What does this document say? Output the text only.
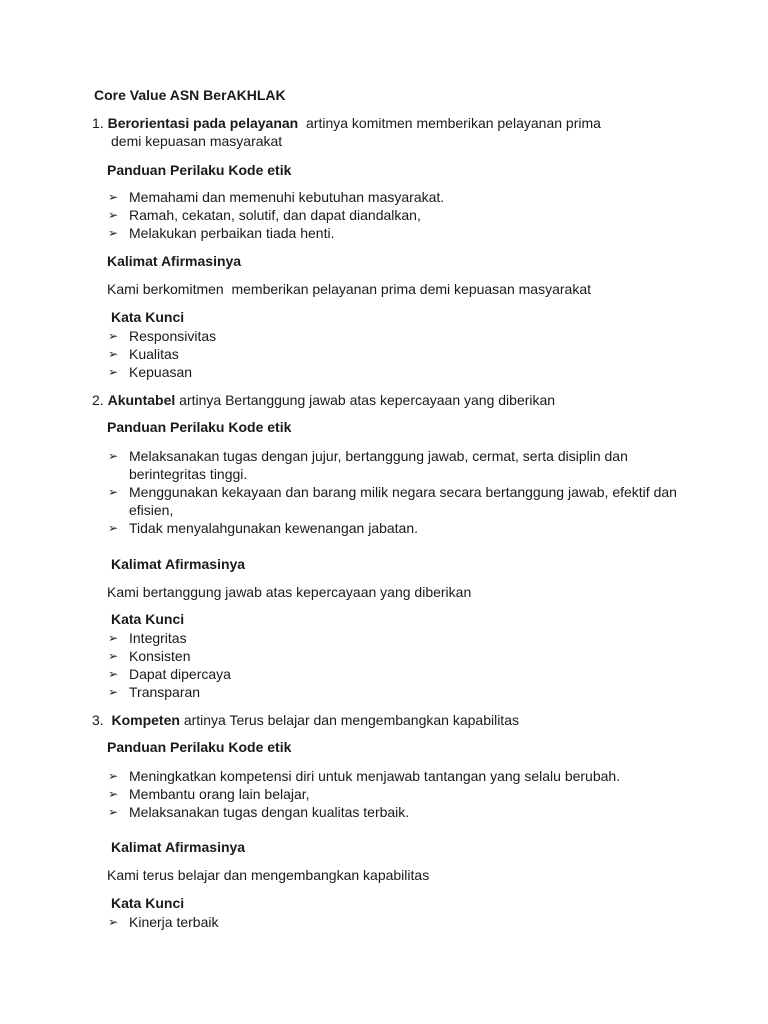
Core Value ASN BerAKHLAK
1. Berorientasi pada pelayanan artinya komitmen memberikan pelayanan prima
demi kepuasan masyarakat
Panduan Perilaku Kode etik
➢ Memahami dan memenuhi kebutuhan masyarakat.
➢ Ramah, cekatan, solutif, dan dapat diandalkan,
➢ Melakukan perbaikan tiada henti.
Kalimat Afirmasinya
Kami berkomitmen  memberikan pelayanan prima demi kepuasan masyarakat
Kata Kunci
➢ Responsivitas
➢ Kualitas
➢ Kepuasan
2. Akuntabel artinya Bertanggung jawab atas kepercayaan yang diberikan
Panduan Perilaku Kode etik
➢ Melaksanakan tugas dengan jujur, bertanggung jawab, cermat, serta disiplin dan berintegritas tinggi.
➢ Menggunakan kekayaan dan barang milik negara secara bertanggung jawab, efektif dan efisien,
➢ Tidak menyalahgunakan kewenangan jabatan.
Kalimat Afirmasinya
Kami bertanggung jawab atas kepercayaan yang diberikan
Kata Kunci
➢ Integritas
➢ Konsisten
➢ Dapat dipercaya
➢ Transparan
3. Kompeten artinya Terus belajar dan mengembangkan kapabilitas
Panduan Perilaku Kode etik
➢ Meningkatkan kompetensi diri untuk menjawab tantangan yang selalu berubah.
➢ Membantu orang lain belajar,
➢ Melaksanakan tugas dengan kualitas terbaik.
Kalimat Afirmasinya
Kami terus belajar dan mengembangkan kapabilitas
Kata Kunci
➢ Kinerja terbaik
